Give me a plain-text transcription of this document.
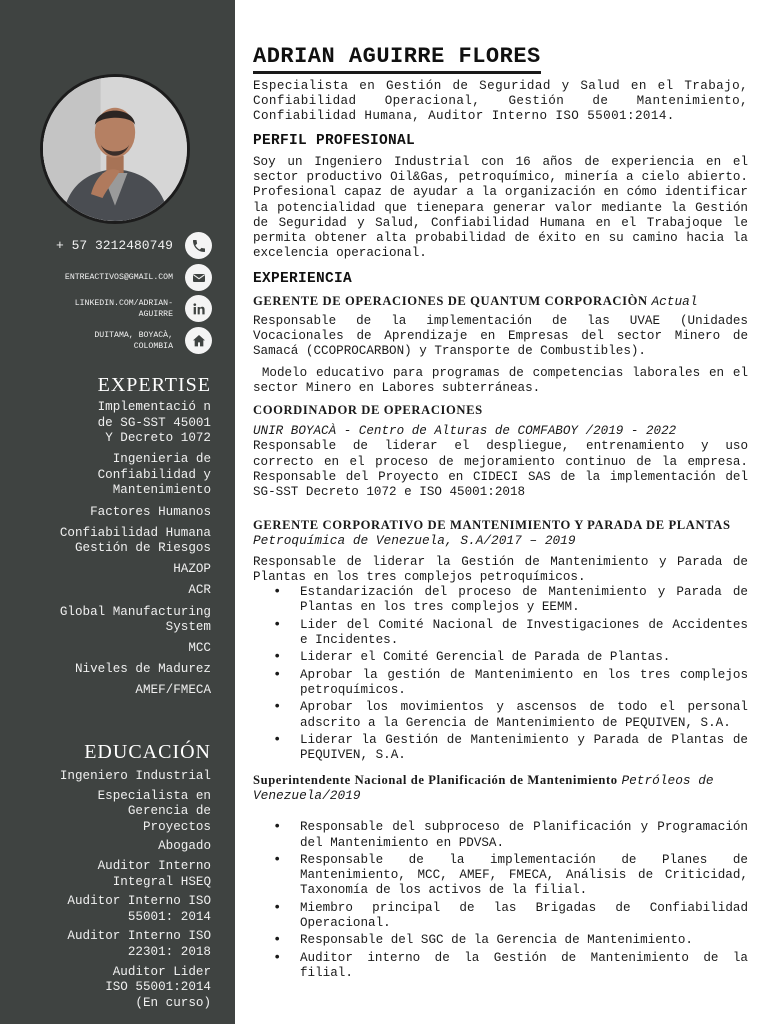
+ 57 3212480749
ENTREACTIVOS@GMAIL.COM
LINKEDIN.COM/ADRIAN-AGUIRRE
DUITAMA, BOYACÀ, COLOMBIA
EXPERTISE
Implementació n de SG-SST 45001 Y Decreto 1072
Ingenieria de Confiabilidad y Mantenimiento
Factores Humanos
Confiabilidad Humana Gestión de Riesgos
HAZOP
ACR
Global Manufacturing System
MCC
Niveles de Madurez
AMEF/FMECA
EDUCACIÓN
Ingeniero Industrial
Especialista en Gerencia de Proyectos
Abogado
Auditor Interno Integral HSEQ
Auditor Interno ISO 55001: 2014
Auditor Interno ISO 22301: 2018
Auditor Lider ISO 55001:2014 (En curso)
ADRIAN AGUIRRE FLORES

Especialista en Gestión de Seguridad y Salud en el Trabajo, Confiabilidad Operacional, Gestión de Mantenimiento, Confiabilidad Humana, Auditor Interno ISO 55001:2014.

PERFIL PROFESIONAL

Soy un Ingeniero Industrial con 16 años de experiencia en el sector productivo Oil&Gas, petroquímico, minería a cielo abierto. Profesional capaz de ayudar a la organización en cómo identificar la potencialidad que tienepara generar valor mediante la Gestión de Seguridad y Salud, Confiabilidad Humana en el Trabajoque le permita obtener alta probabilidad de éxito en su camino hacia la excelencia operacional.

EXPERIENCIA
GERENTE DE OPERACIONES DE QUANTUM CORPORACIÒN Actual

Responsable de la implementación de las UVAE (Unidades Vocacionales de Aprendizaje en Empresas del sector Minero de Samacá (CCOPROCARBON) y Transporte de Combustibles).

Modelo educativo para programas de competencias laborales en el sector Minero en Labores subterráneas.

COORDINADOR DE OPERACIONES

UNIR BOYACÀ - Centro de Alturas de COMFABOY /2019 - 2022

Responsable de liderar el despliegue, entrenamiento y uso correcto en el proceso de mejoramiento continuo de la empresa. Responsable del Proyecto en CIDECI SAS de la implementación del SG-SST Decreto 1072 e ISO 45001:2018

GERENTE CORPORATIVO DE MANTENIMIENTO Y PARADA DE PLANTAS Petroquímica de Venezuela, S.A/2017 – 2019

Responsable de liderar la Gestión de Mantenimiento y Parada de Plantas en los tres complejos petroquímicos.

• Estandarización del proceso de Mantenimiento y Parada de Plantas en los tres complejos y EEMM.
• Lider del Comité Nacional de Investigaciones de Accidentes e Incidentes.
• Liderar el Comité Gerencial de Parada de Plantas.
• Aprobar la gestión de Mantenimiento en los tres complejos petroquímicos.
• Aprobar los movimientos y ascensos de todo el personal adscrito a la Gerencia de Mantenimiento de PEQUIVEN, S.A.
• Liderar la Gestión de Mantenimiento y Parada de Plantas de PEQUIVEN, S.A.
Superintendente Nacional de Planificación de Mantenimiento Petróleos de Venezuela/2019
• Responsable del subproceso de Planificación y Programación del Mantenimiento en PDVSA.
• Responsable de la implementación de Planes de Mantenimiento, MCC, AMEF, FMECA, Análisis de Criticidad, Taxonomía de los activos de la filial.
• Miembro principal de las Brigadas de Confiabilidad Operacional.
• Responsable del SGC de la Gerencia de Mantenimiento.
• Auditor interno de la Gestión de Mantenimiento de la filial.
